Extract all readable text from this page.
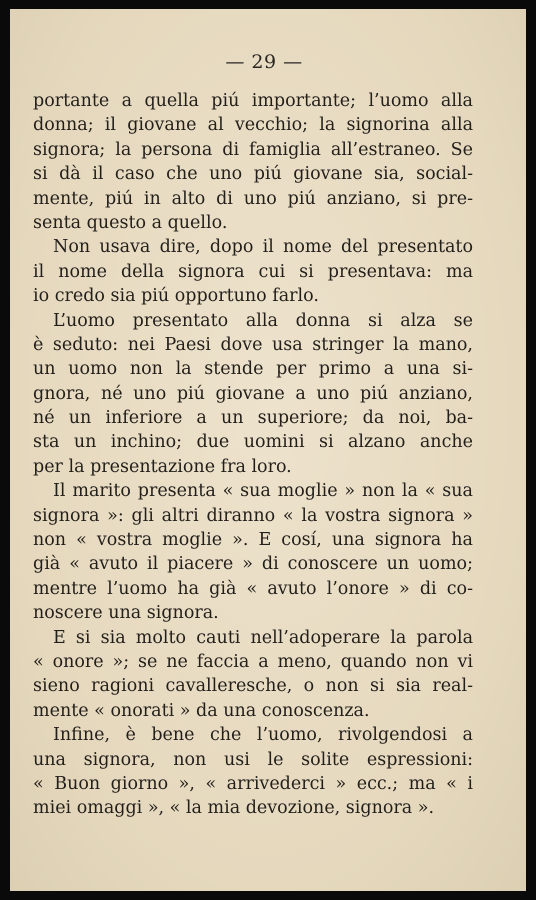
— 29 —
portante a quella piú importante; l’uomo alla
donna; il giovane al vecchio; la signorina alla
signora; la persona di famiglia all’estraneo. Se
si dà il caso che uno piú giovane sia, social-
mente, piú in alto di uno piú anziano, si pre-
senta questo a quello.
Non usava dire, dopo il nome del presentato
il nome della signora cui si presentava: ma
io credo sia piú opportuno farlo.
L’uomo presentato alla donna si alza se
è seduto: nei Paesi dove usa stringer la mano,
un uomo non la stende per primo a una si-
gnora, né uno piú giovane a uno piú anziano,
né un inferiore a un superiore; da noi, ba-
sta un inchino; due uomini si alzano anche
per la presentazione fra loro.
Il marito presenta « sua moglie » non la « sua
signora »: gli altri diranno « la vostra signora »
non « vostra moglie ». E cosí, una signora ha
già « avuto il piacere » di conoscere un uomo;
mentre l’uomo ha già « avuto l’onore » di co-
noscere una signora.
E si sia molto cauti nell’adoperare la parola
« onore »; se ne faccia a meno, quando non vi
sieno ragioni cavalleresche, o non si sia real-
mente « onorati » da una conoscenza.
Infine, è bene che l’uomo, rivolgendosi a
una signora, non usi le solite espressioni:
« Buon giorno », « arrivederci » ecc.; ma « i
miei omaggi », « la mia devozione, signora ».
